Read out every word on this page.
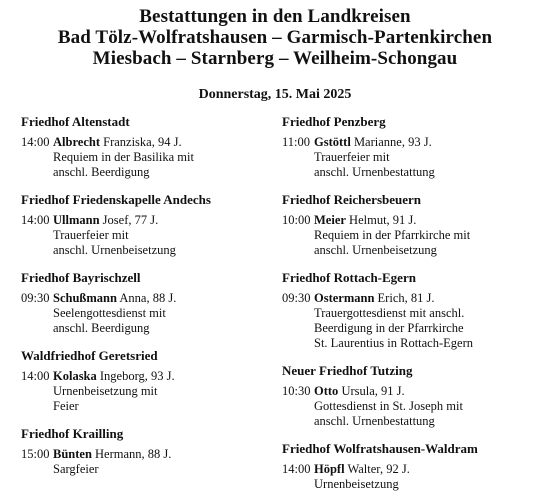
Bestattungen in den Landkreisen
Bad Tölz-Wolfratshausen – Garmisch-Partenkirchen
Miesbach – Starnberg – Weilheim-Schongau
Donnerstag, 15. Mai 2025
Friedhof Altenstadt
14:00 Albrecht Franziska, 94 J.
Requiem in der Basilika mit
anschl. Beerdigung
Friedhof Friedenskapelle Andechs
14:00 Ullmann Josef, 77 J.
Trauerfeier mit
anschl. Urnenbeisetzung
Friedhof Bayrischzell
09:30 Schußmann Anna, 88 J.
Seelengottesdienst mit
anschl. Beerdigung
Waldfriedhof Geretsried
14:00 Kolaska Ingeborg, 93 J.
Urnenbeisetzung mit
Feier
Friedhof Krailling
15:00 Bünten Hermann, 88 J.
Sargfeier
Friedhof Penzberg
11:00 Gstöttl Marianne, 93 J.
Trauerfeier mit
anschl. Urnenbestattung
Friedhof Reichersbeuern
10:00 Meier Helmut, 91 J.
Requiem in der Pfarrkirche mit
anschl. Urnenbeisetzung
Friedhof Rottach-Egern
09:30 Ostermann Erich, 81 J.
Trauergottesdienst mit anschl.
Beerdigung in der Pfarrkirche
St. Laurentius in Rottach-Egern
Neuer Friedhof Tutzing
10:30 Otto Ursula, 91 J.
Gottesdienst in St. Joseph mit
anschl. Urnenbestattung
Friedhof Wolfratshausen-Waldram
14:00 Höpfl Walter, 92 J.
Urnenbeisetzung
